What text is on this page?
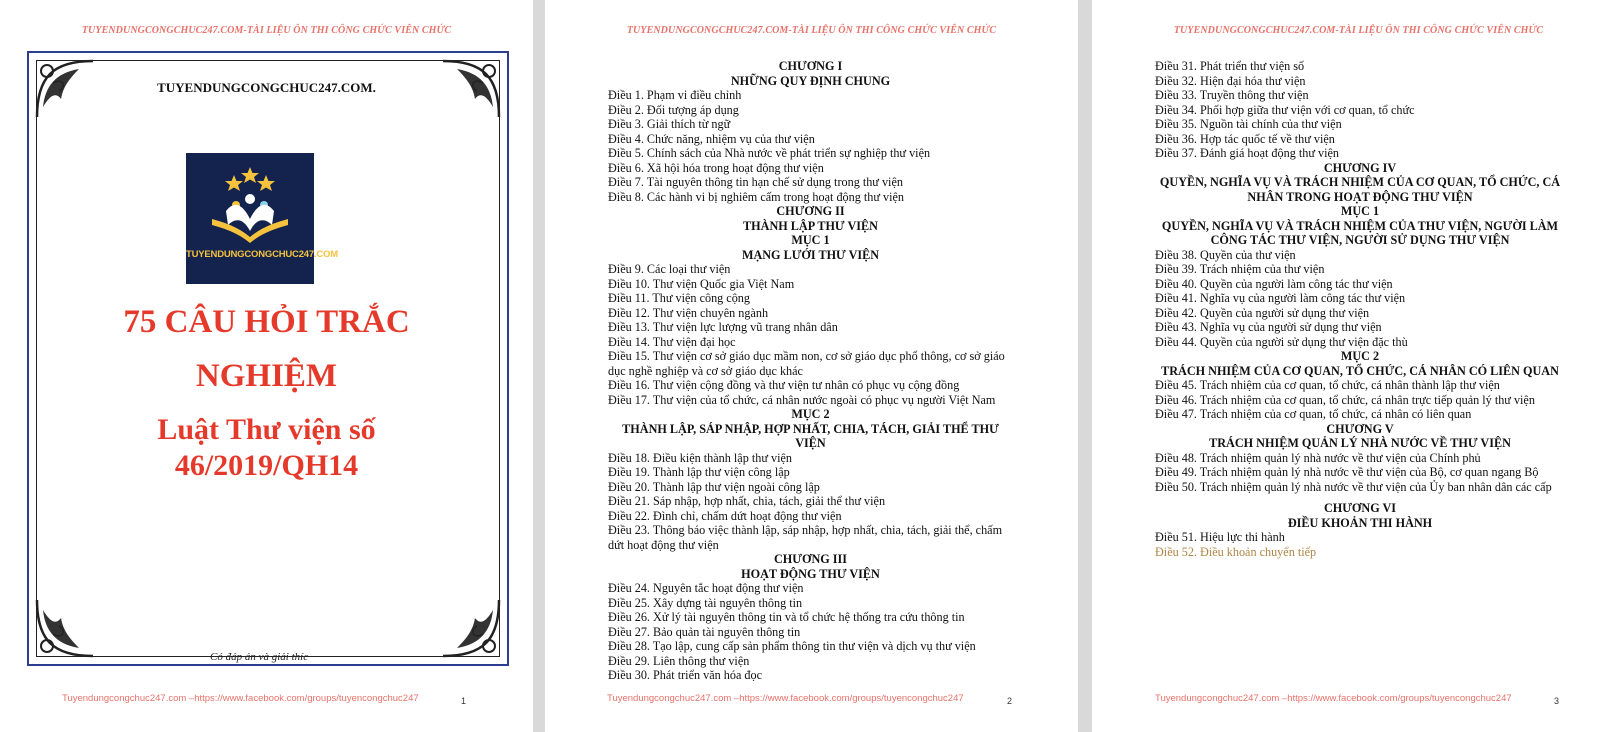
TUYENDUNGCONGCHUC247.COM-TÀI LIỆU ÔN THI CÔNG CHỨC VIÊN CHỨC
TUYENDUNGCONGCHUC247.COM.
TUYENDUNGCONGCHUC247.COM
75 CÂU HỎI TRẮC
NGHIỆM
Luật Thư viện số
46/2019/QH14
Có đáp án và giải thíc
Tuyendungcongchuc247.com –https://www.facebook.com/groups/tuyencongchuc247	1
TUYENDUNGCONGCHUC247.COM-TÀI LIỆU ÔN THI CÔNG CHỨC VIÊN CHỨC
CHƯƠNG I
NHỮNG QUY ĐỊNH CHUNG
Điều 1. Phạm vi điều chỉnh
Điều 2. Đối tượng áp dụng
Điều 3. Giải thích từ ngữ
Điều 4. Chức năng, nhiệm vụ của thư viện
Điều 5. Chính sách của Nhà nước về phát triển sự nghiệp thư viện
Điều 6. Xã hội hóa trong hoạt động thư viện
Điều 7. Tài nguyên thông tin hạn chế sử dụng trong thư viện
Điều 8. Các hành vi bị nghiêm cấm trong hoạt động thư viện
CHƯƠNG II
THÀNH LẬP THƯ VIỆN
MỤC 1
MẠNG LƯỚI THƯ VIỆN
Điều 9. Các loại thư viện
Điều 10. Thư viện Quốc gia Việt Nam
Điều 11. Thư viện công cộng
Điều 12. Thư viện chuyên ngành
Điều 13. Thư viện lực lượng vũ trang nhân dân
Điều 14. Thư viện đại học
Điều 15. Thư viện cơ sở giáo dục mầm non, cơ sở giáo dục phổ thông, cơ sở giáo dục nghề nghiệp và cơ sở giáo dục khác
Điều 16. Thư viện cộng đồng và thư viện tư nhân có phục vụ cộng đồng
Điều 17. Thư viện của tổ chức, cá nhân nước ngoài có phục vụ người Việt Nam
MỤC 2
THÀNH LẬP, SÁP NHẬP, HỢP NHẤT, CHIA, TÁCH, GIẢI THỂ THƯ VIỆN
Điều 18. Điều kiện thành lập thư viện
Điều 19. Thành lập thư viện công lập
Điều 20. Thành lập thư viện ngoài công lập
Điều 21. Sáp nhập, hợp nhất, chia, tách, giải thể thư viện
Điều 22. Đình chỉ, chấm dứt hoạt động thư viện
Điều 23. Thông báo việc thành lập, sáp nhập, hợp nhất, chia, tách, giải thể, chấm dứt hoạt động thư viện
CHƯƠNG III
HOẠT ĐỘNG THƯ VIỆN
Điều 24. Nguyên tắc hoạt động thư viện
Điều 25. Xây dựng tài nguyên thông tin
Điều 26. Xử lý tài nguyên thông tin và tổ chức hệ thống tra cứu thông tin
Điều 27. Bảo quản tài nguyên thông tin
Điều 28. Tạo lập, cung cấp sản phẩm thông tin thư viện và dịch vụ thư viện
Điều 29. Liên thông thư viện
Điều 30. Phát triển văn hóa đọc
Tuyendungcongchuc247.com –https://www.facebook.com/groups/tuyencongchuc247	2
TUYENDUNGCONGCHUC247.COM-TÀI LIỆU ÔN THI CÔNG CHỨC VIÊN CHỨC
Điều 31. Phát triển thư viện số
Điều 32. Hiện đại hóa thư viện
Điều 33. Truyền thông thư viện
Điều 34. Phối hợp giữa thư viện với cơ quan, tổ chức
Điều 35. Nguồn tài chính của thư viện
Điều 36. Hợp tác quốc tế về thư viện
Điều 37. Đánh giá hoạt động thư viện
CHƯƠNG IV
QUYỀN, NGHĨA VỤ VÀ TRÁCH NHIỆM CỦA CƠ QUAN, TỔ CHỨC, CÁ NHÂN TRONG HOẠT ĐỘNG THƯ VIỆN
MỤC 1
QUYỀN, NGHĨA VỤ VÀ TRÁCH NHIỆM CỦA THƯ VIỆN, NGƯỜI LÀM CÔNG TÁC THƯ VIỆN, NGƯỜI SỬ DỤNG THƯ VIỆN
Điều 38. Quyền của thư viện
Điều 39. Trách nhiệm của thư viện
Điều 40. Quyền của người làm công tác thư viện
Điều 41. Nghĩa vụ của người làm công tác thư viện
Điều 42. Quyền của người sử dụng thư viện
Điều 43. Nghĩa vụ của người sử dụng thư viện
Điều 44. Quyền của người sử dụng thư viện đặc thù
MỤC 2
TRÁCH NHIỆM CỦA CƠ QUAN, TỔ CHỨC, CÁ NHÂN CÓ LIÊN QUAN
Điều 45. Trách nhiệm của cơ quan, tổ chức, cá nhân thành lập thư viện
Điều 46. Trách nhiệm của cơ quan, tổ chức, cá nhân trực tiếp quản lý thư viện
Điều 47. Trách nhiệm của cơ quan, tổ chức, cá nhân có liên quan
CHƯƠNG V
TRÁCH NHIỆM QUẢN LÝ NHÀ NƯỚC VỀ THƯ VIỆN
Điều 48. Trách nhiệm quản lý nhà nước về thư viện của Chính phủ
Điều 49. Trách nhiệm quản lý nhà nước về thư viện của Bộ, cơ quan ngang Bộ
Điều 50. Trách nhiệm quản lý nhà nước về thư viện của Ủy ban nhân dân các cấp
CHƯƠNG VI
ĐIỀU KHOẢN THI HÀNH
Điều 51. Hiệu lực thi hành
Điều 52. Điều khoản chuyển tiếp
Tuyendungcongchuc247.com –https://www.facebook.com/groups/tuyencongchuc247	3
